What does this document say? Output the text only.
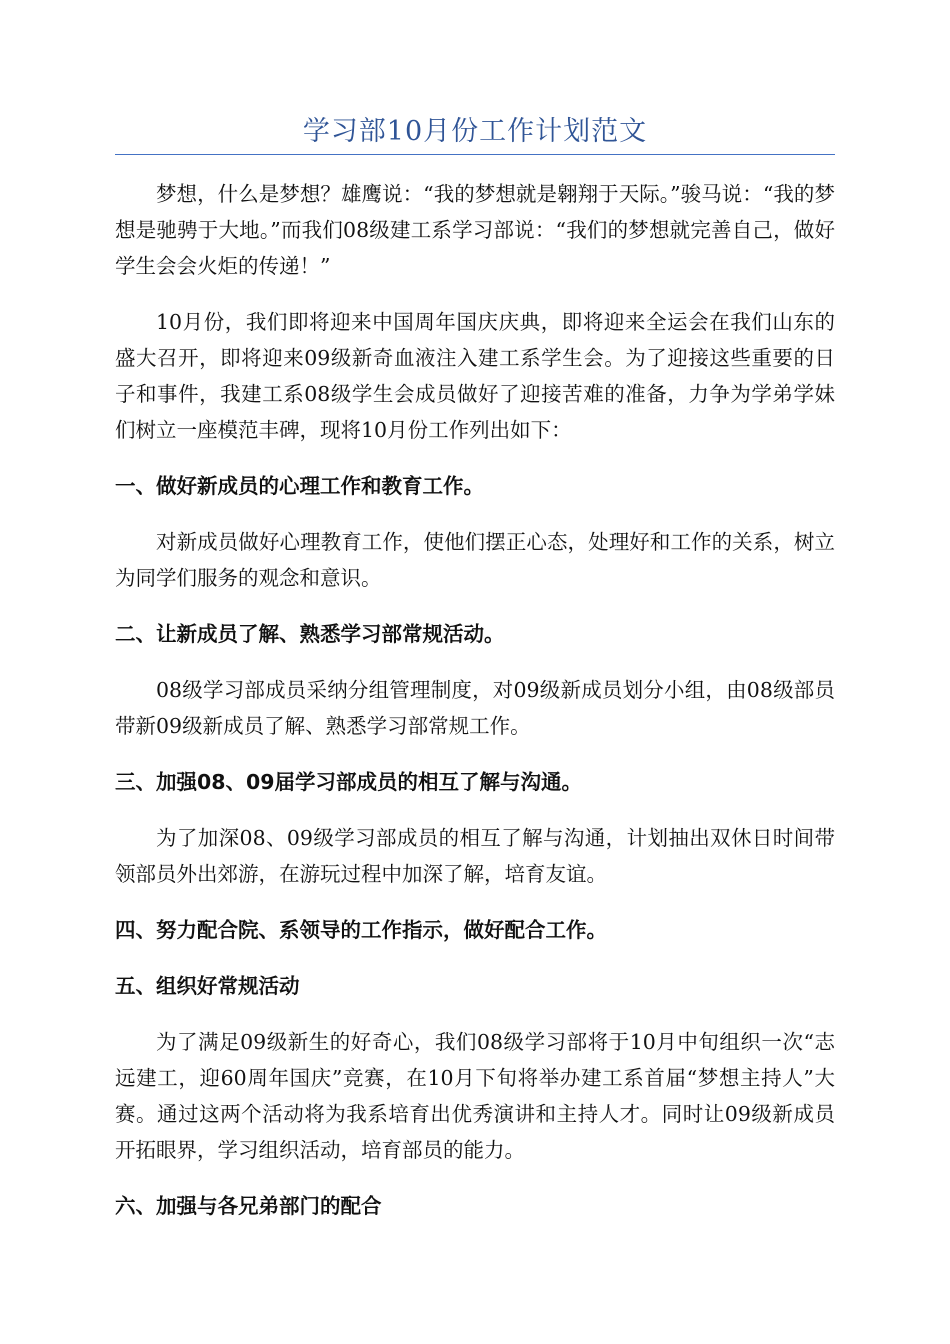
学习部10月份工作计划范文

梦想，什么是梦想？雄鹰说：“我的梦想就是翱翔于天际。”骏马说：“我的梦想是驰骋于大地。”而我们08级建工系学习部说：“我们的梦想就完善自己，做好学生会会火炬的传递！”

10月份，我们即将迎来中国周年国庆庆典，即将迎来全运会在我们山东的盛大召开，即将迎来09级新奇血液注入建工系学生会。为了迎接这些重要的日子和事件，我建工系08级学生会成员做好了迎接苦难的准备，力争为学弟学妹们树立一座模范丰碑，现将10月份工作列出如下：

一、做好新成员的心理工作和教育工作。

对新成员做好心理教育工作，使他们摆正心态，处理好和工作的关系，树立为同学们服务的观念和意识。

二、让新成员了解、熟悉学习部常规活动。

08级学习部成员采纳分组管理制度，对09级新成员划分小组，由08级部员带新09级新成员了解、熟悉学习部常规工作。

三、加强08、09届学习部成员的相互了解与沟通。

为了加深08、09级学习部成员的相互了解与沟通，计划抽出双休日时间带领部员外出郊游，在游玩过程中加深了解，培育友谊。

四、努力配合院、系领导的工作指示，做好配合工作。

五、组织好常规活动

为了满足09级新生的好奇心，我们08级学习部将于10月中旬组织一次“志远建工，迎60周年国庆”竞赛，在10月下旬将举办建工系首届“梦想主持人”大赛。通过这两个活动将为我系培育出优秀演讲和主持人才。同时让09级新成员开拓眼界，学习组织活动，培育部员的能力。

六、加强与各兄弟部门的配合
